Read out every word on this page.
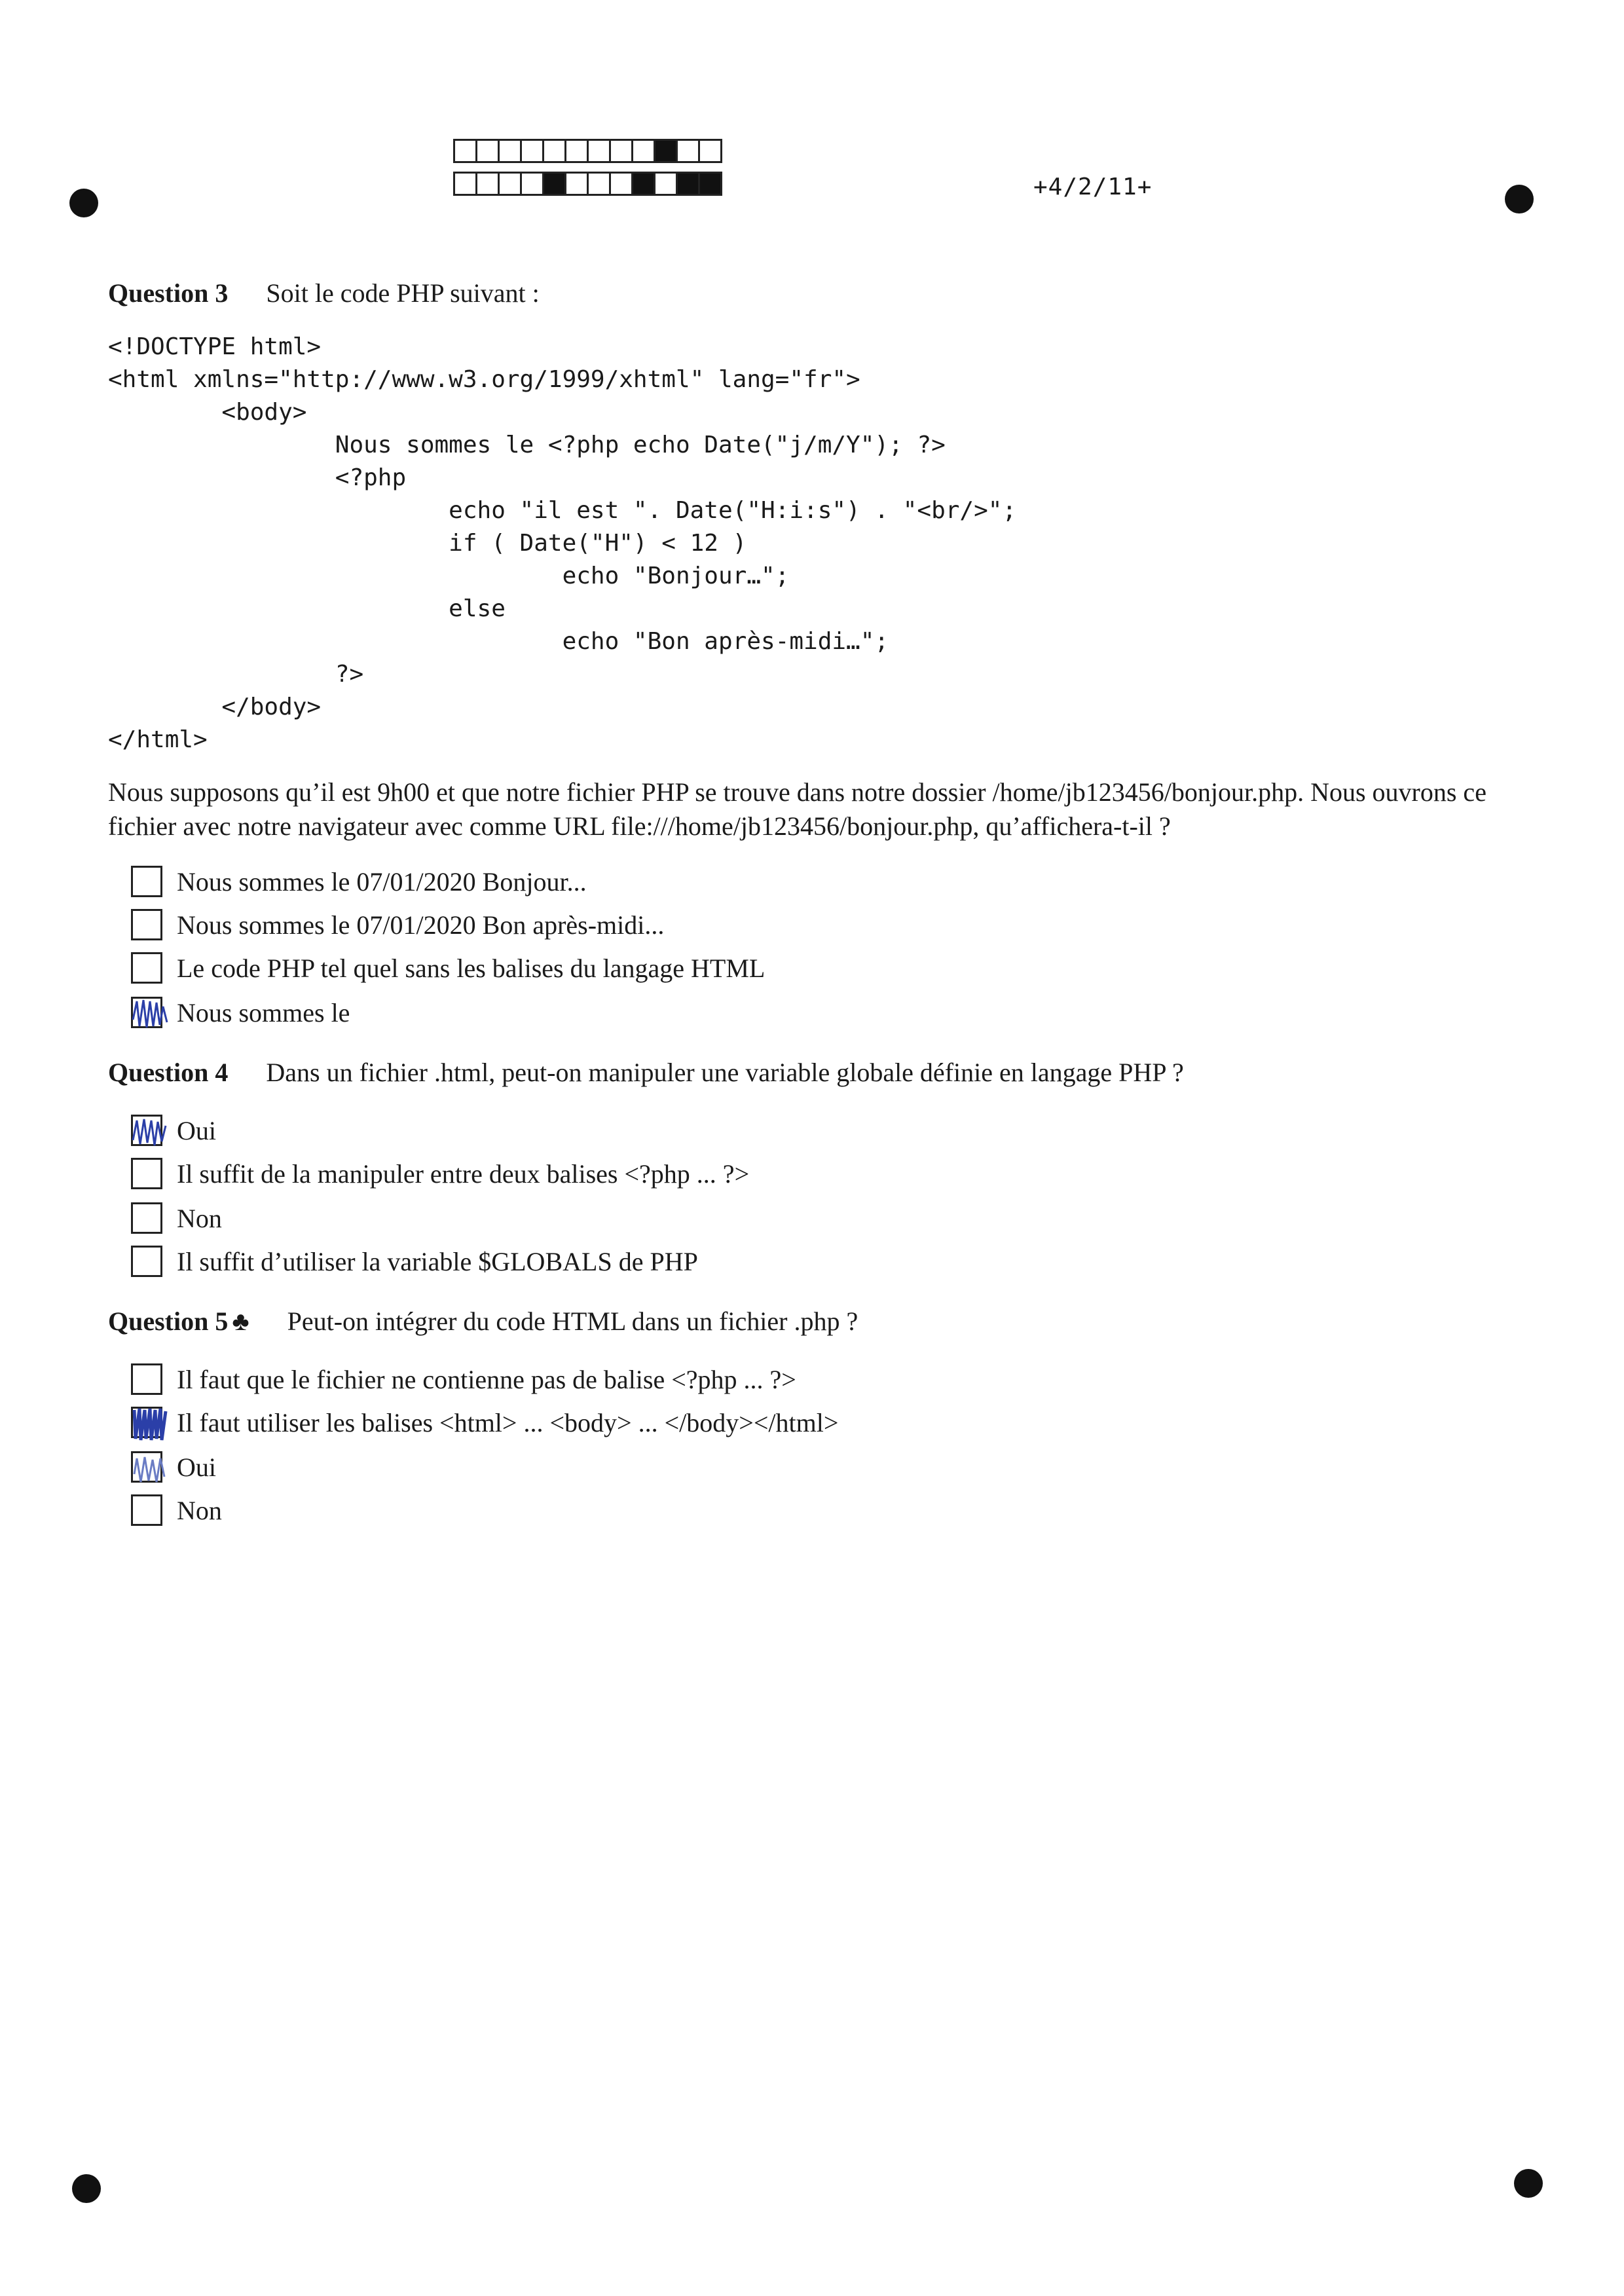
+4/2/11+
Question 3 Soit le code PHP suivant :
<!DOCTYPE html>
<html xmlns="http://www.w3.org/1999/xhtml" lang="fr">
<body>
Nous sommes le <?php echo Date("j/m/Y"); ?>
<?php
echo "il est ". Date("H:i:s") . "<br/>";
if ( Date("H") < 12 )
echo "Bonjour…";
else
echo "Bon après-midi…";
?>
</body>
</html>
Nous supposons qu’il est 9h00 et que notre fichier PHP se trouve dans notre dossier /home/jb123456/bonjour.php. Nous ouvrons ce fichier avec notre navigateur avec comme URL file:///home/jb123456/bonjour.php, qu’affichera-t-il ?
Nous sommes le 07/01/2020 Bonjour...
Nous sommes le 07/01/2020 Bon après-midi...
Le code PHP tel quel sans les balises du langage HTML
Nous sommes le
Question 4 Dans un fichier .html, peut-on manipuler une variable globale définie en langage PHP ?
Oui
Il suffit de la manipuler entre deux balises <?php ... ?>
Non
Il suffit d’utiliser la variable $GLOBALS de PHP
Question 5 ♣ Peut-on intégrer du code HTML dans un fichier .php ?
Il faut que le fichier ne contienne pas de balise <?php ... ?>
Il faut utiliser les balises <html> ... <body> ... </body></html>
Oui
Non
